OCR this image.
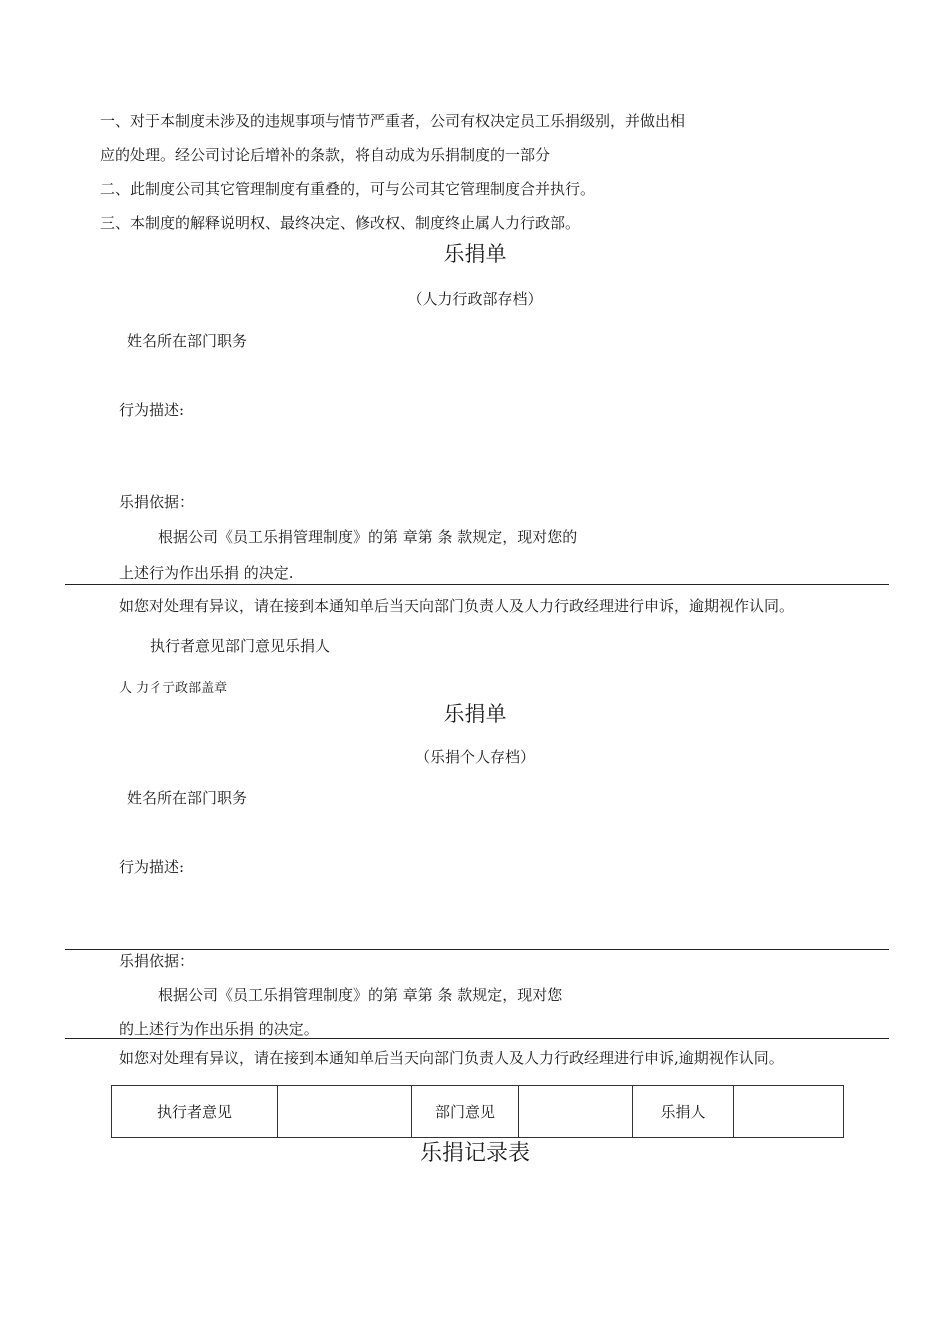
一、对于本制度未涉及的违规事项与情节严重者，公司有权决定员工乐捐级别，并做出相
应的处理。经公司讨论后增补的条款，将自动成为乐捐制度的一部分
二、此制度公司其它管理制度有重叠的，可与公司其它管理制度合并执行。
三、本制度的解释说明权、最终决定、修改权、制度终止属人力行政部。
乐捐单
（人力行政部存档）
姓名所在部门职务
行为描述:
乐捐依据：
根据公司《员工乐捐管理制度》的第 章第 条 款规定，现对您的
上述行为作出乐捐 的决定.
如您对处理有异议，请在接到本通知单后当天向部门负责人及人力行政经理进行申诉，逾期视作认同。
执行者意见部门意见乐捐人
人 力彳亍政部盖章
乐捐单
（乐捐个人存档）
姓名所在部门职务
行为描述:
乐捐依据：
根据公司《员工乐捐管理制度》的第 章第 条 款规定，现对您
的上述行为作出乐捐 的决定。
如您对处理有异议，请在接到本通知单后当天向部门负责人及人力行政经理进行申诉,逾期视作认同。
执行者意见		部门意见		乐捐人	
乐捐记录表
